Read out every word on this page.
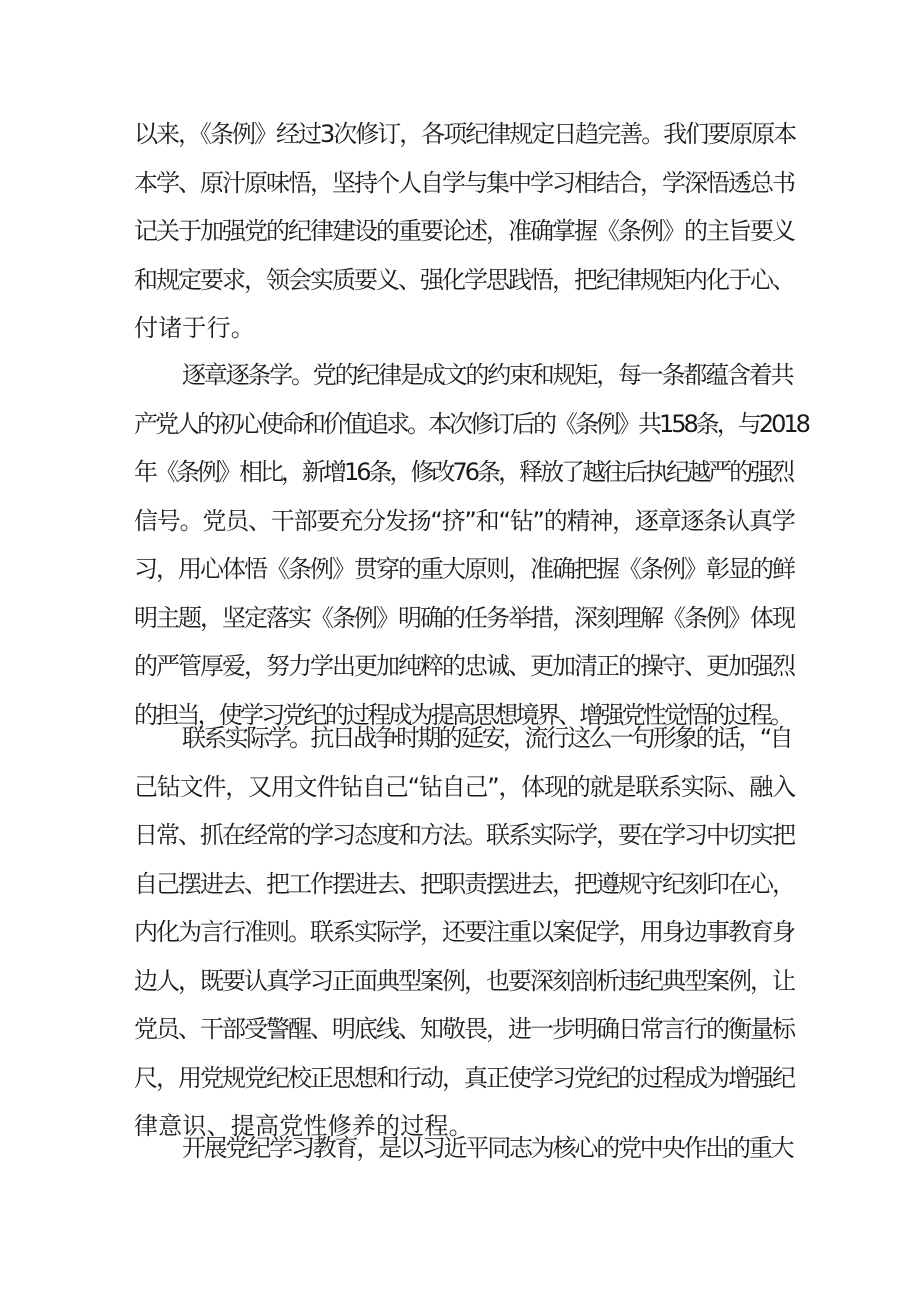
以来，《条例》经过3次修订，各项纪律规定日趋完善。我们要原原本
本学、原汁原味悟，坚持个人自学与集中学习相结合，学深悟透总书
记关于加强党的纪律建设的重要论述，准确掌握《条例》的主旨要义
和规定要求，领会实质要义、强化学思践悟，把纪律规矩内化于心、
付诸于行。
逐章逐条学。党的纪律是成文的约束和规矩，每一条都蕴含着共
产党人的初心使命和价值追求。本次修订后的《条例》共158条，与2018
年《条例》相比，新增16条，修改76条，释放了越往后执纪越严的强烈
信号。党员、干部要充分发扬“挤”和“钻”的精神，逐章逐条认真学
习，用心体悟《条例》贯穿的重大原则，准确把握《条例》彰显的鲜
明主题，坚定落实《条例》明确的任务举措，深刻理解《条例》体现
的严管厚爱，努力学出更加纯粹的忠诚、更加清正的操守、更加强烈
的担当，使学习党纪的过程成为提高思想境界、增强党性觉悟的过程。
联系实际学。抗日战争时期的延安，流行这么一句形象的话，“自
己钻文件，又用文件钻自己“钻自己”，体现的就是联系实际、融入
日常、抓在经常的学习态度和方法。联系实际学，要在学习中切实把
自己摆进去、把工作摆进去、把职责摆进去，把遵规守纪刻印在心，
内化为言行准则。联系实际学，还要注重以案促学，用身边事教育身
边人，既要认真学习正面典型案例，也要深刻剖析违纪典型案例，让
党员、干部受警醒、明底线、知敬畏，进一步明确日常言行的衡量标
尺，用党规党纪校正思想和行动，真正使学习党纪的过程成为增强纪
律意识、提高党性修养的过程。
开展党纪学习教育，是以习近平同志为核心的党中央作出的重大
